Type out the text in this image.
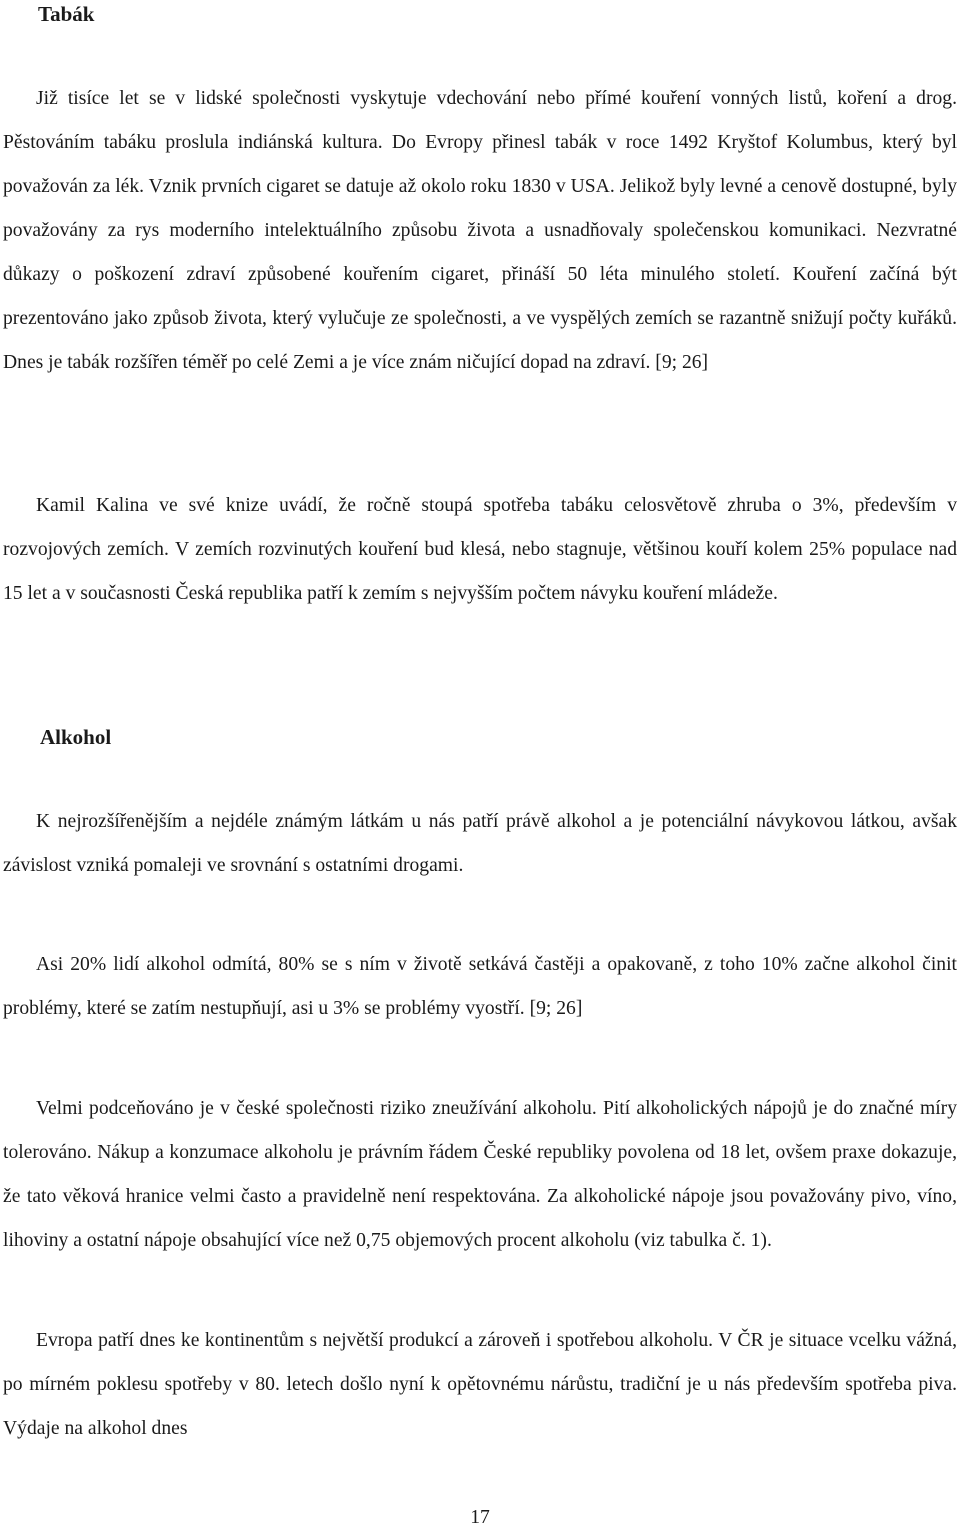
Tabák

Již tisíce let se v lidské společnosti vyskytuje vdechování nebo přímé kouření vonných listů, koření a drog. Pěstováním tabáku proslula indiánská kultura. Do Evropy přinesl tabák v roce 1492 Kryštof Kolumbus, který byl považován za lék. Vznik prvních cigaret se datuje až okolo roku 1830 v USA. Jelikož byly levné a cenově dostupné, byly považovány za rys moderního intelektuálního způsobu života a usnadňovaly společenskou komunikaci. Nezvratné důkazy o poškození zdraví způsobené kouřením cigaret, přináší 50 léta minulého století. Kouření začíná být prezentováno jako způsob života, který vylučuje ze společnosti, a ve vyspělých zemích se razantně snižují počty kuřáků. Dnes je tabák rozšířen téměř po celé Zemi a je více znám ničující dopad na zdraví. [9; 26]

Kamil Kalina ve své knize uvádí, že ročně stoupá spotřeba tabáku celosvětově zhruba o 3%, především v rozvojových zemích. V zemích rozvinutých kouření bud klesá, nebo stagnuje, většinou kouří kolem 25% populace nad 15 let a v současnosti Česká republika patří k zemím s nejvyšším počtem návyku kouření mládeže.

Alkohol

K nejrozšířenějším a nejdéle známým látkám u nás patří právě alkohol a je potenciální návykovou látkou, avšak závislost vzniká pomaleji ve srovnání s ostatními drogami.

Asi 20% lidí alkohol odmítá, 80% se s ním v životě setkává častěji a opakovaně, z toho 10% začne alkohol činit problémy, které se zatím nestupňují, asi u 3% se problémy vyostří. [9; 26]

Velmi podceňováno je v české společnosti riziko zneužívání alkoholu. Pití alkoholických nápojů je do značné míry tolerováno. Nákup a konzumace alkoholu je právním řádem České republiky povolena od 18 let, ovšem praxe dokazuje, že tato věková hranice velmi často a pravidelně není respektována. Za alkoholické nápoje jsou považovány pivo, víno, lihoviny a ostatní nápoje obsahující více než 0,75 objemových procent alkoholu (viz tabulka č. 1).

Evropa patří dnes ke kontinentům s největší produkcí a zároveň i spotřebou alkoholu. V ČR je situace vcelku vážná, po mírném poklesu spotřeby v 80. letech došlo nyní k opětovnému nárůstu, tradiční je u nás především spotřeba piva. Výdaje na alkohol dnes

17
